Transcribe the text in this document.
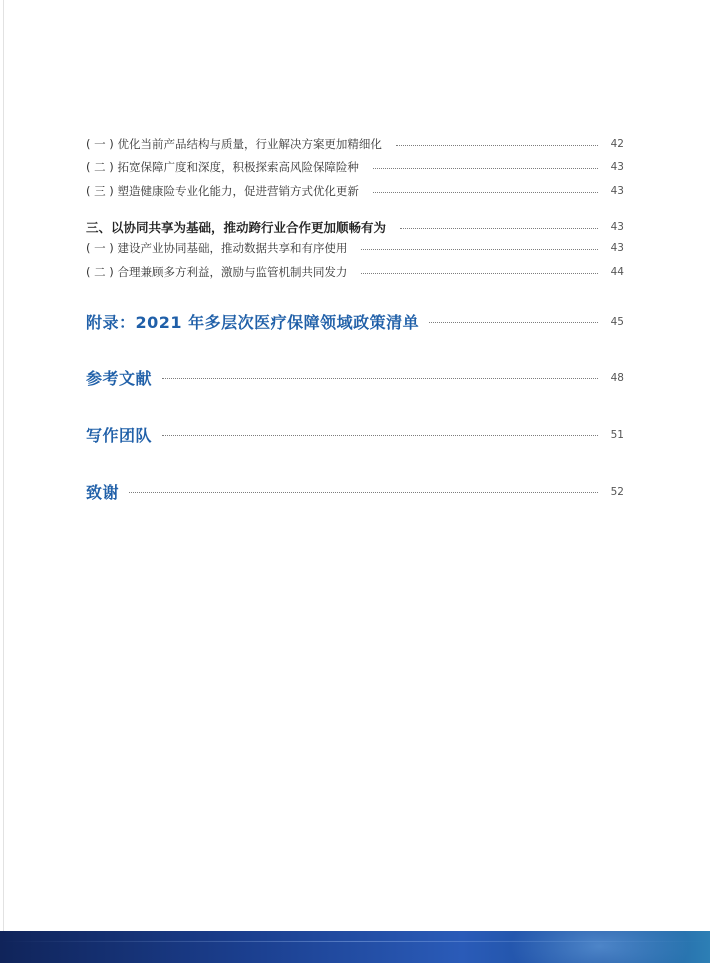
( 一 ) 优化当前产品结构与质量，行业解决方案更加精细化	42
( 二 ) 拓宽保障广度和深度，积极探索高风险保障险种	43
( 三 ) 塑造健康险专业化能力，促进营销方式优化更新	43
三、以协同共享为基础，推动跨行业合作更加顺畅有为	43
( 一 ) 建设产业协同基础，推动数据共享和有序使用	43
( 二 ) 合理兼顾多方利益，激励与监管机制共同发力	44
附录：2021 年多层次医疗保障领域政策清单	45
参考文献	48
写作团队	51
致谢	52
